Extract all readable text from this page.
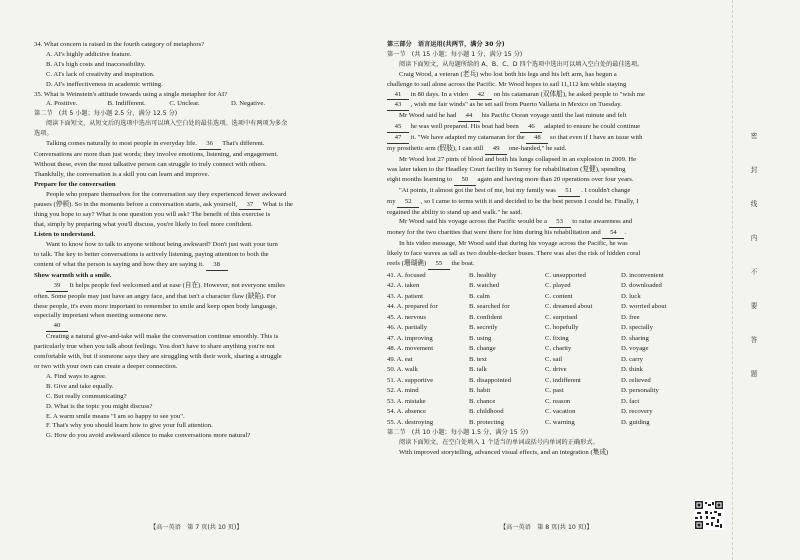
34. What concern is raised in the fourth category of metaphors?
A. AI's highly addictive feature.
B. AI's high costs and inaccessibility.
C. AI's lack of creativity and inspiration.
D. AI's ineffectiveness in academic writing.
35. What is Weinstein's attitude towards using a single metaphor for AI?
A. Positive.	B. Indifferent.	C. Unclear.	D. Negative.
第二节　(共 5 小题；每小题 2.5 分，满分 12.5 分)
阅读下面短文，从短文后的选项中选出可以填入空白处的最佳选项。选项中有两项为多余
选项。
Talking comes naturally to most people in everyday life. 36 That's different.
Conversations are more than just words; they involve emotions, listening, and engagement.
Without these, even the most talkative person can struggle to truly connect with others.
Thankfully, the conversation is a skill you can learn and improve.
Prepare for the conversation
People who prepare themselves for the conversation say they experienced fewer awkward
pauses (停顿). So in the moments before a conversation starts, ask yourself, 37 What is the
thing you hope to say? What is one question you will ask? The benefit of this exercise is
that, simply by preparing what you'll discuss, you're likely to feel more confident.
Listen to understand.
Want to know how to talk to anyone without being awkward? Don't just wait your turn
to talk. The key to better conversations is actively listening, paying attention to both the
content of what the person is saying and how they are saying it. 38
Show warmth with a smile.
39 It helps people feel welcomed and at ease (自在). However, not everyone smiles
often. Some people may just have an angry face, and that isn't a character flaw (缺陷). For
these people, it's even more important to remember to smile and keep open body language,
especially important when meeting someone new.
40
Creating a natural give-and-take will make the conversation continue smoothly. This is
particularly true when you talk about feelings. You don't have to share anything you're not
comfortable with, but if someone says they are struggling with their work, sharing a struggle
or two with your own can create a deeper connection.
A. Find ways to agree.
B. Give and take equally.
C. But really communicating?
D. What is the topic you might discuss?
E. A warm smile means "I am so happy to see you".
F. That's why you should learn how to give your full attention.
G. How do you avoid awkward silence to make conversations more natural?
第三部分　语言运用(共两节，满分 30 分)
第一节　(共 15 小题；每小题 1 分，满分 15 分)
阅读下面短文，从每题所给的 A、B、C、D 四个选项中选出可以填入空白处的最佳选项。
Craig Wood, a veteran (老兵) who lost both his legs and his left arm, has begun a
challenge to sail alone across the Pacific. Mr Wood hopes to sail 11,112 km while staying
41 in 80 days. In a video 42 on his catamaran (双体船), he asked people to "wish me
43 , wish me fair winds" as he set sail from Puerto Vallarta in Mexico on Tuesday.
Mr Wood said he had 44 his Pacific Ocean voyage until the last minute and felt
45 he was well prepared. His boat had been 46 adapted to ensure he could continue
47 it. "We have adapted my catamaran for the 48 so that even if I have an issue with
my prosthetic arm (假肢), I can still 49 one-handed," he said.
Mr Wood lost 27 pints of blood and both his lungs collapsed in an explosion in 2009. He
was later taken to the Headley Court facility in Surrey for rehabilitation (复健), spending
eight months learning to 50 again and having more than 20 operations over four years.
"At points, it almost got the best of me, but my family was 51 . I couldn't change
my 52 , so I came to terms with it and decided to be the best person I could be. Finally, I
regained the ability to stand up and walk." he said.
Mr Wood said his voyage across the Pacific would be a 53 to raise awareness and
money for the two charities that were there for him during his rehabilitation and 54 .
In his video message, Mr Wood said that during his voyage across the Pacific, he was
likely to face waves as tall as two double-decker buses. There was also the risk of hidden coral
reefs (珊瑚礁) 55 the boat.
41. A. focused	B. healthy	C. unsupported	D. inconvenient
42. A. taken	B. watched	C. played	D. downloaded
43. A. patient	B. calm	C. content	D. luck
44. A. prepared for	B. searched for	C. dreamed about	D. worried about
45. A. nervous	B. confident	C. surprised	D. free
46. A. partially	B. secretly	C. hopefully	D. specially
47. A. improving	B. using	C. fixing	D. sharing
48. A. movement	B. change	C. charity	D. voyage
49. A. eat	B. text	C. sail	D. carry
50. A. walk	B. talk	C. drive	D. think
51. A. supportive	B. disappointed	C. indifferent	D. relieved
52. A. mind	B. habit	C. past	D. personality
53. A. mistake	B. chance	C. reason	D. fact
54. A. absence	B. childhood	C. vacation	D. recovery
55. A. destroying	B. protecting	C. warning	D. guiding
第二节　(共 10 小题；每小题 1.5 分，满分 15 分)
阅读下面短文，在空白处填入 1 个适当的单词或括号内单词的正确形式。
With improved storytelling, advanced visual effects, and an integration (集成)
【高一英语　第 7 页(共 10 页)】	【高一英语　第 8 页(共 10 页)】
密
封
线
内
不
要
答
题
